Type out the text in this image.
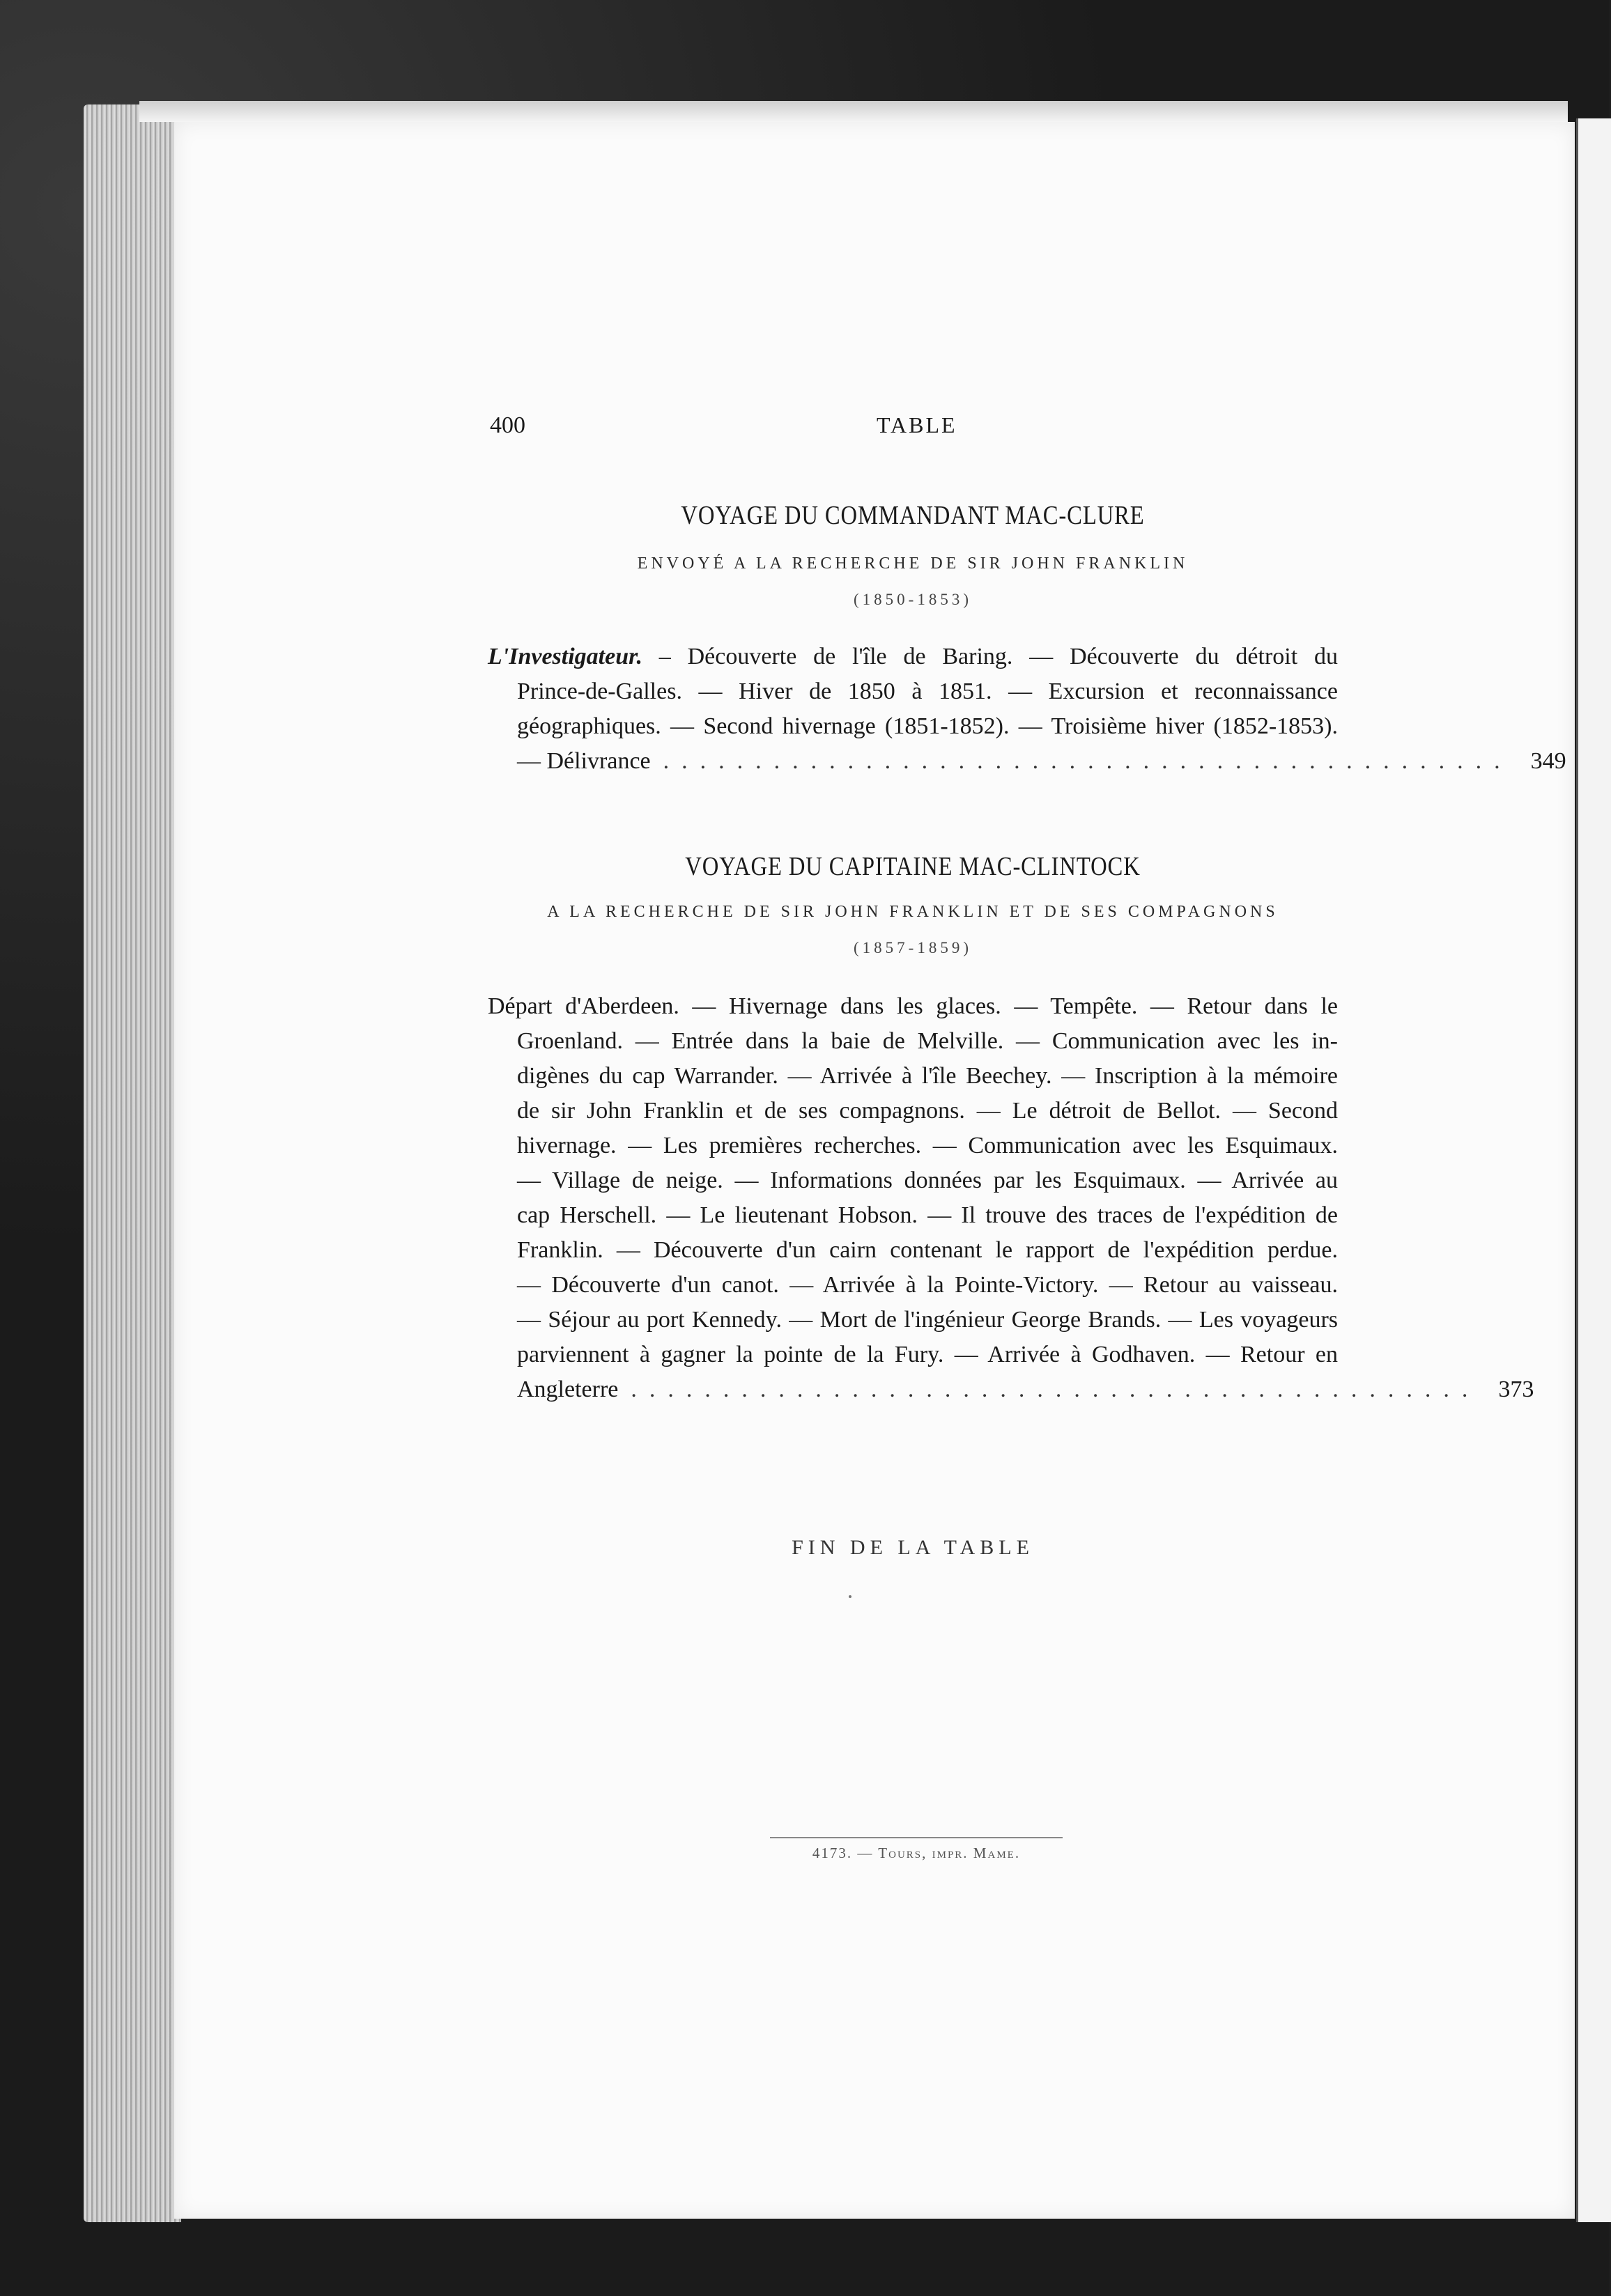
400	TABLE
VOYAGE DU COMMANDANT MAC-CLURE
ENVOYÉ A LA RECHERCHE DE SIR JOHN FRANKLIN
(1850-1853)
L'Investigateur. – Découverte de l'île de Baring. — Découverte du détroit du
Prince-de-Galles. — Hiver de 1850 à 1851. — Excursion et reconnaissance
géographiques. — Second hivernage (1851-1852). — Troisième hiver (1852-1853).
— Délivrance .............................................. 349
VOYAGE DU CAPITAINE MAC-CLINTOCK
A LA RECHERCHE DE SIR JOHN FRANKLIN ET DE SES COMPAGNONS
(1857-1859)
Départ d'Aberdeen. — Hivernage dans les glaces. — Tempête. — Retour dans le
Groenland. — Entrée dans la baie de Melville. — Communication avec les in-
digènes du cap Warrander. — Arrivée à l'île Beechey. — Inscription à la mémoire
de sir John Franklin et de ses compagnons. — Le détroit de Bellot. — Second
hivernage. — Les premières recherches. — Communication avec les Esquimaux.
— Village de neige. — Informations données par les Esquimaux. — Arrivée au
cap Herschell. — Le lieutenant Hobson. — Il trouve des traces de l'expédition de
Franklin. — Découverte d'un cairn contenant le rapport de l'expédition perdue.
— Découverte d'un canot. — Arrivée à la Pointe-Victory. — Retour au vaisseau.
— Séjour au port Kennedy. — Mort de l'ingénieur George Brands. — Les voyageurs
parviennent à gagner la pointe de la Fury. — Arrivée à Godhaven. — Retour en
Angleterre .............................................. 373
FIN DE LA TABLE
4173. — Tours, impr. Mame.
